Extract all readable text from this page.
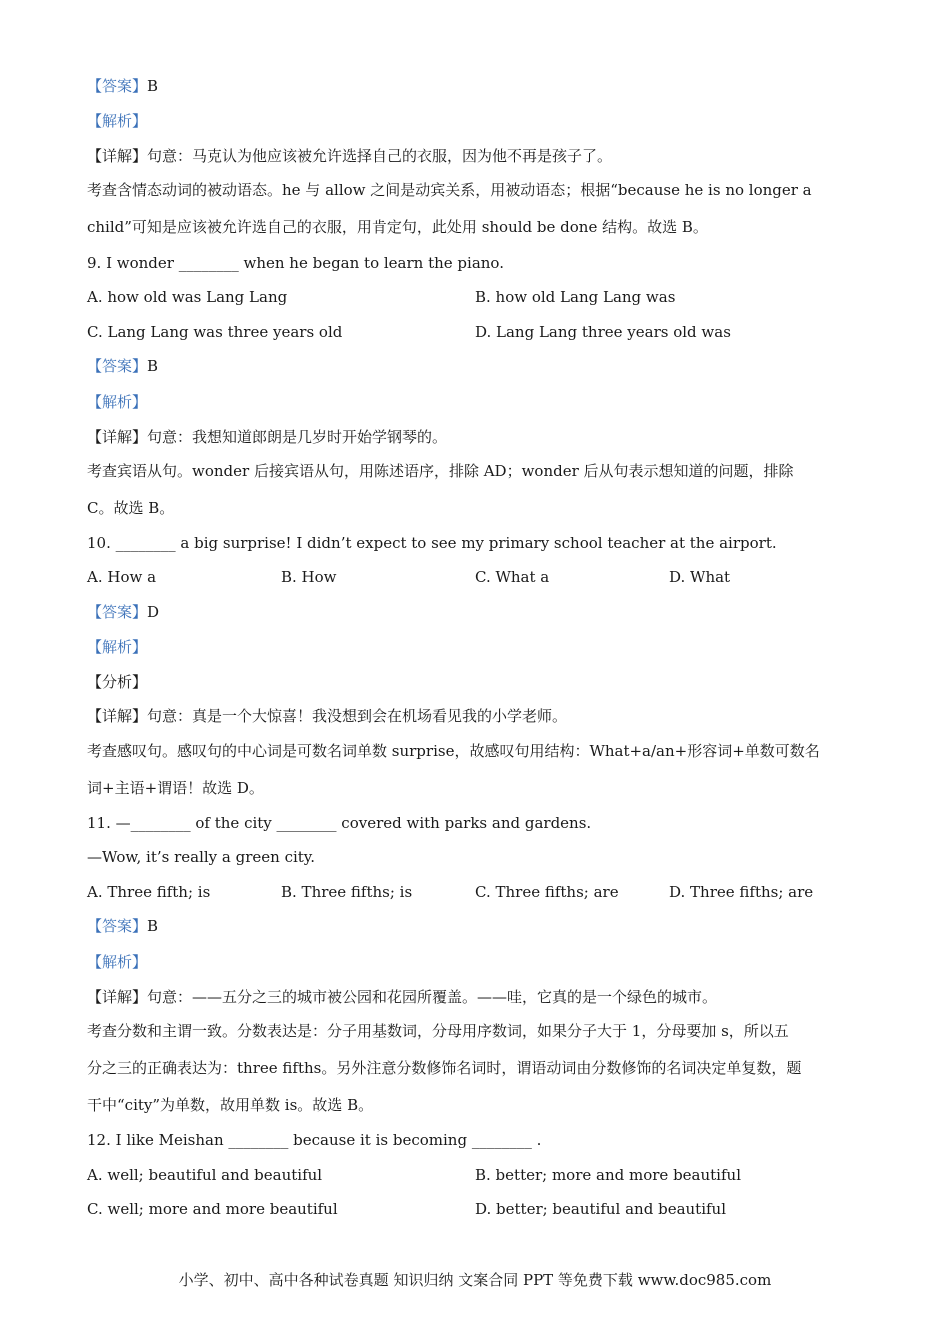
【答案】B
【解析】
【详解】句意：马克认为他应该被允许选择自己的衣服，因为他不再是孩子了。
考查含情态动词的被动语态。he 与 allow 之间是动宾关系，用被动语态；根据“because he is no longer a
child”可知是应该被允许选自己的衣服，用肯定句，此处用 should be done 结构。故选 B。
9. I wonder ________ when he began to learn the piano.
A. how old was Lang Lang	B. how old Lang Lang was
C. Lang Lang was three years old	D. Lang Lang three years old was
【答案】B
【解析】
【详解】句意：我想知道郎朗是几岁时开始学钢琴的。
考查宾语从句。wonder 后接宾语从句，用陈述语序，排除 AD；wonder 后从句表示想知道的问题，排除
C。故选 B。
10. ________ a big surprise! I didn’t expect to see my primary school teacher at the airport.
A. How a	B. How	C. What a	D. What
【答案】D
【解析】
【分析】
【详解】句意：真是一个大惊喜！我没想到会在机场看见我的小学老师。
考查感叹句。感叹句的中心词是可数名词单数 surprise，故感叹句用结构：What+a/an+形容词+单数可数名
词+主语+谓语！故选 D。
11. —________ of the city ________ covered with parks and gardens.
—Wow, it’s really a green city.
A. Three fifth; is	B. Three fifths; is	C. Three fifths; are	D. Three fifths; are
【答案】B
【解析】
【详解】句意：——五分之三的城市被公园和花园所覆盖。——哇，它真的是一个绿色的城市。
考查分数和主谓一致。分数表达是：分子用基数词，分母用序数词，如果分子大于 1，分母要加 s，所以五
分之三的正确表达为：three fifths。另外注意分数修饰名词时，谓语动词由分数修饰的名词决定单复数，题
干中“city”为单数，故用单数 is。故选 B。
12. I like Meishan ________ because it is becoming ________ .
A. well; beautiful and beautiful	B. better; more and more beautiful
C. well; more and more beautiful	D. better; beautiful and beautiful
小学、初中、高中各种试卷真题 知识归纳 文案合同 PPT 等免费下载 www.doc985.com
